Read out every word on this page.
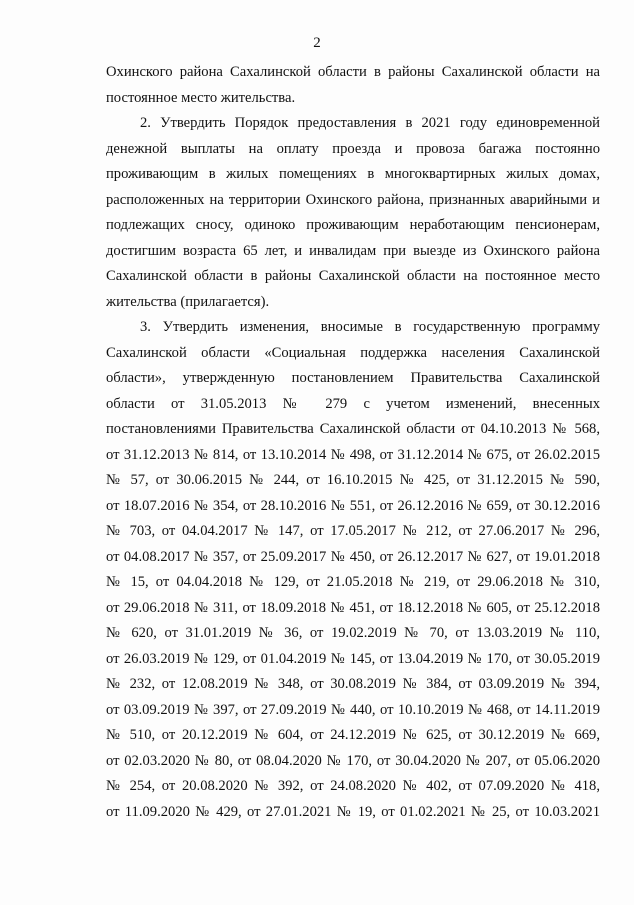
2
Охинского района Сахалинской области в районы Сахалинской области на
постоянное место жительства.
2. Утвердить Порядок предоставления в 2021 году единовременной
денежной выплаты на оплату проезда и провоза багажа постоянно
проживающим в жилых помещениях в многоквартирных жилых домах,
расположенных на территории Охинского района, признанных аварийными и
подлежащих сносу, одиноко проживающим неработающим пенсионерам,
достигшим возраста 65 лет, и инвалидам при выезде из Охинского района
Сахалинской области в районы Сахалинской области на постоянное место
жительства (прилагается).
3. Утвердить изменения, вносимые в государственную программу
Сахалинской области «Социальная поддержка населения Сахалинской
области», утвержденную постановлением Правительства Сахалинской
области от 31.05.2013 № 279 с учетом изменений, внесенных
постановлениями Правительства Сахалинской области от 04.10.2013 № 568,
от 31.12.2013 № 814, от 13.10.2014 № 498, от 31.12.2014 № 675, от 26.02.2015
№ 57, от 30.06.2015 № 244, от 16.10.2015 № 425, от 31.12.2015 № 590,
от 18.07.2016 № 354, от 28.10.2016 № 551, от 26.12.2016 № 659, от 30.12.2016
№ 703, от 04.04.2017 № 147, от 17.05.2017 № 212, от 27.06.2017 № 296,
от 04.08.2017 № 357, от 25.09.2017 № 450, от 26.12.2017 № 627, от 19.01.2018
№ 15, от 04.04.2018 № 129, от 21.05.2018 № 219, от 29.06.2018 № 310,
от 29.06.2018 № 311, от 18.09.2018 № 451, от 18.12.2018 № 605, от 25.12.2018
№ 620, от 31.01.2019 № 36, от 19.02.2019 № 70, от 13.03.2019 № 110,
от 26.03.2019 № 129, от 01.04.2019 № 145, от 13.04.2019 № 170, от 30.05.2019
№ 232, от 12.08.2019 № 348, от 30.08.2019 № 384, от 03.09.2019 № 394,
от 03.09.2019 № 397, от 27.09.2019 № 440, от 10.10.2019 № 468, от 14.11.2019
№ 510, от 20.12.2019 № 604, от 24.12.2019 № 625, от 30.12.2019 № 669,
от 02.03.2020 № 80, от 08.04.2020 № 170, от 30.04.2020 № 207, от 05.06.2020
№ 254, от 20.08.2020 № 392, от 24.08.2020 № 402, от 07.09.2020 № 418,
от 11.09.2020 № 429, от 27.01.2021 № 19, от 01.02.2021 № 25, от 10.03.2021
